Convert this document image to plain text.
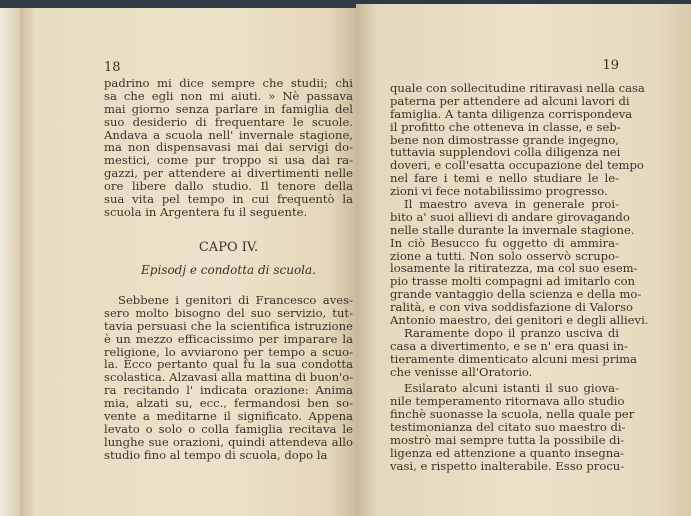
18
padrino mi dice sempre che studii; chi
sa che egli non mi aiuti. » Nè passava
mai giorno senza parlare in famiglia del
suo desiderio di frequentare le scuole.
Andava a scuola nell' invernale stagione,
ma non dispensavasi mai dai servigi do-
mestici, come pur troppo si usa dai ra-
gazzi, per attendere ai divertimenti nelle
ore libere dallo studio. Il tenore della
sua vita pel tempo in cui frequentò la
scuola in Argentera fu il seguente.
CAPO IV.
Episodj e condotta di scuola.
Sebbene i genitori di Francesco aves-
sero molto bisogno del suo servizio, tut-
tavia persuasi che la scientifica istruzione
è un mezzo efficacissimo per imparare la
religione, lo avviarono per tempo a scuo-
la. Ecco pertanto qual fu la sua condotta
scolastica. Alzavasi alla mattina di buon'o-
ra recitando l' indicata orazione: Anima
mia, alzati su, ecc., fermandosi ben so-
vente a meditarne il significato. Appena
levato o solo o colla famiglia recitava le
lunghe sue orazioni, quindi attendeva allo
studio fino al tempo di scuola, dopo la
19
quale con sollecitudine ritiravasi nella casa
paterna per attendere ad alcuni lavori di
famiglia. A tanta diligenza corrispondeva
il profitto che otteneva in classe, e seb-
bene non dimostrasse grande ingegno,
tuttavia supplendovi colla diligenza nei
doveri, e coll'esatta occupazione del tempo
nel fare i temi e nello studiare le le-
zioni vi fece notabilissimo progresso.
Il maestro aveva in generale proi-
bito a' suoi allievi di andare girovagando
nelle stalle durante la invernale stagione.
In ciò Besucco fu oggetto di ammira-
zione a tutti. Non solo osservò scrupo-
losamente la ritiratezza, ma col suo esem-
pio trasse molti compagni ad imitarlo con
grande vantaggio della scienza e della mo-
ralità, e con viva soddisfazione di Valorso
Antonio maestro, dei genitori e degli allievi.
Raramente dopo il pranzo usciva di
casa a divertimento, e se n' era quasi in-
tieramente dimenticato alcuni mesi prima
che venisse all'Oratorio.
Esilarato alcuni istanti il suo giova-
nile temperamento ritornava allo studio
finchè suonasse la scuola, nella quale per
testimonianza del citato suo maestro di-
mostrò mai sempre tutta la possibile di-
ligenza ed attenzione a quanto insegna-
vasi, e rispetto inalterabile. Esso procu-
